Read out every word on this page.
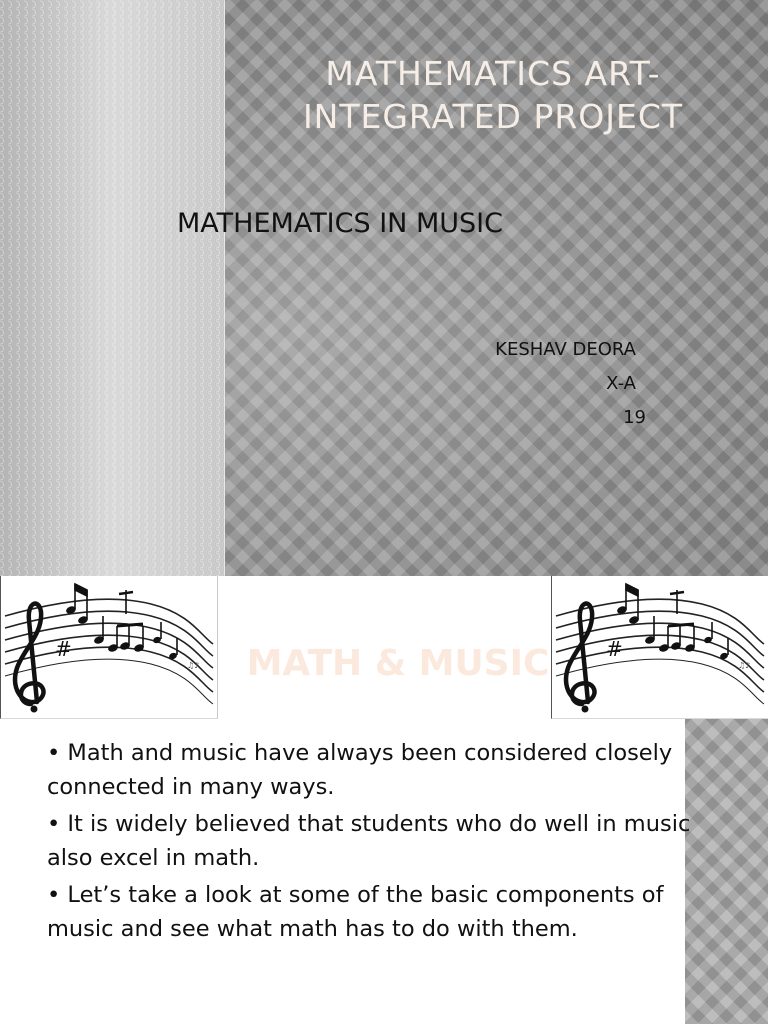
MATHEMATICS ART-
INTEGRATED PROJECT
MATHEMATICS IN MUSIC
KESHAV DEORA
X-A
19
#
♫♪	MATH & MUSIC	#
♫♪
• Math and music have always been considered closely connected in many ways.
• It is widely believed that students who do well in music also excel in math.
• Let’s take a look at some of the basic components of music and see what math has to do with them.
